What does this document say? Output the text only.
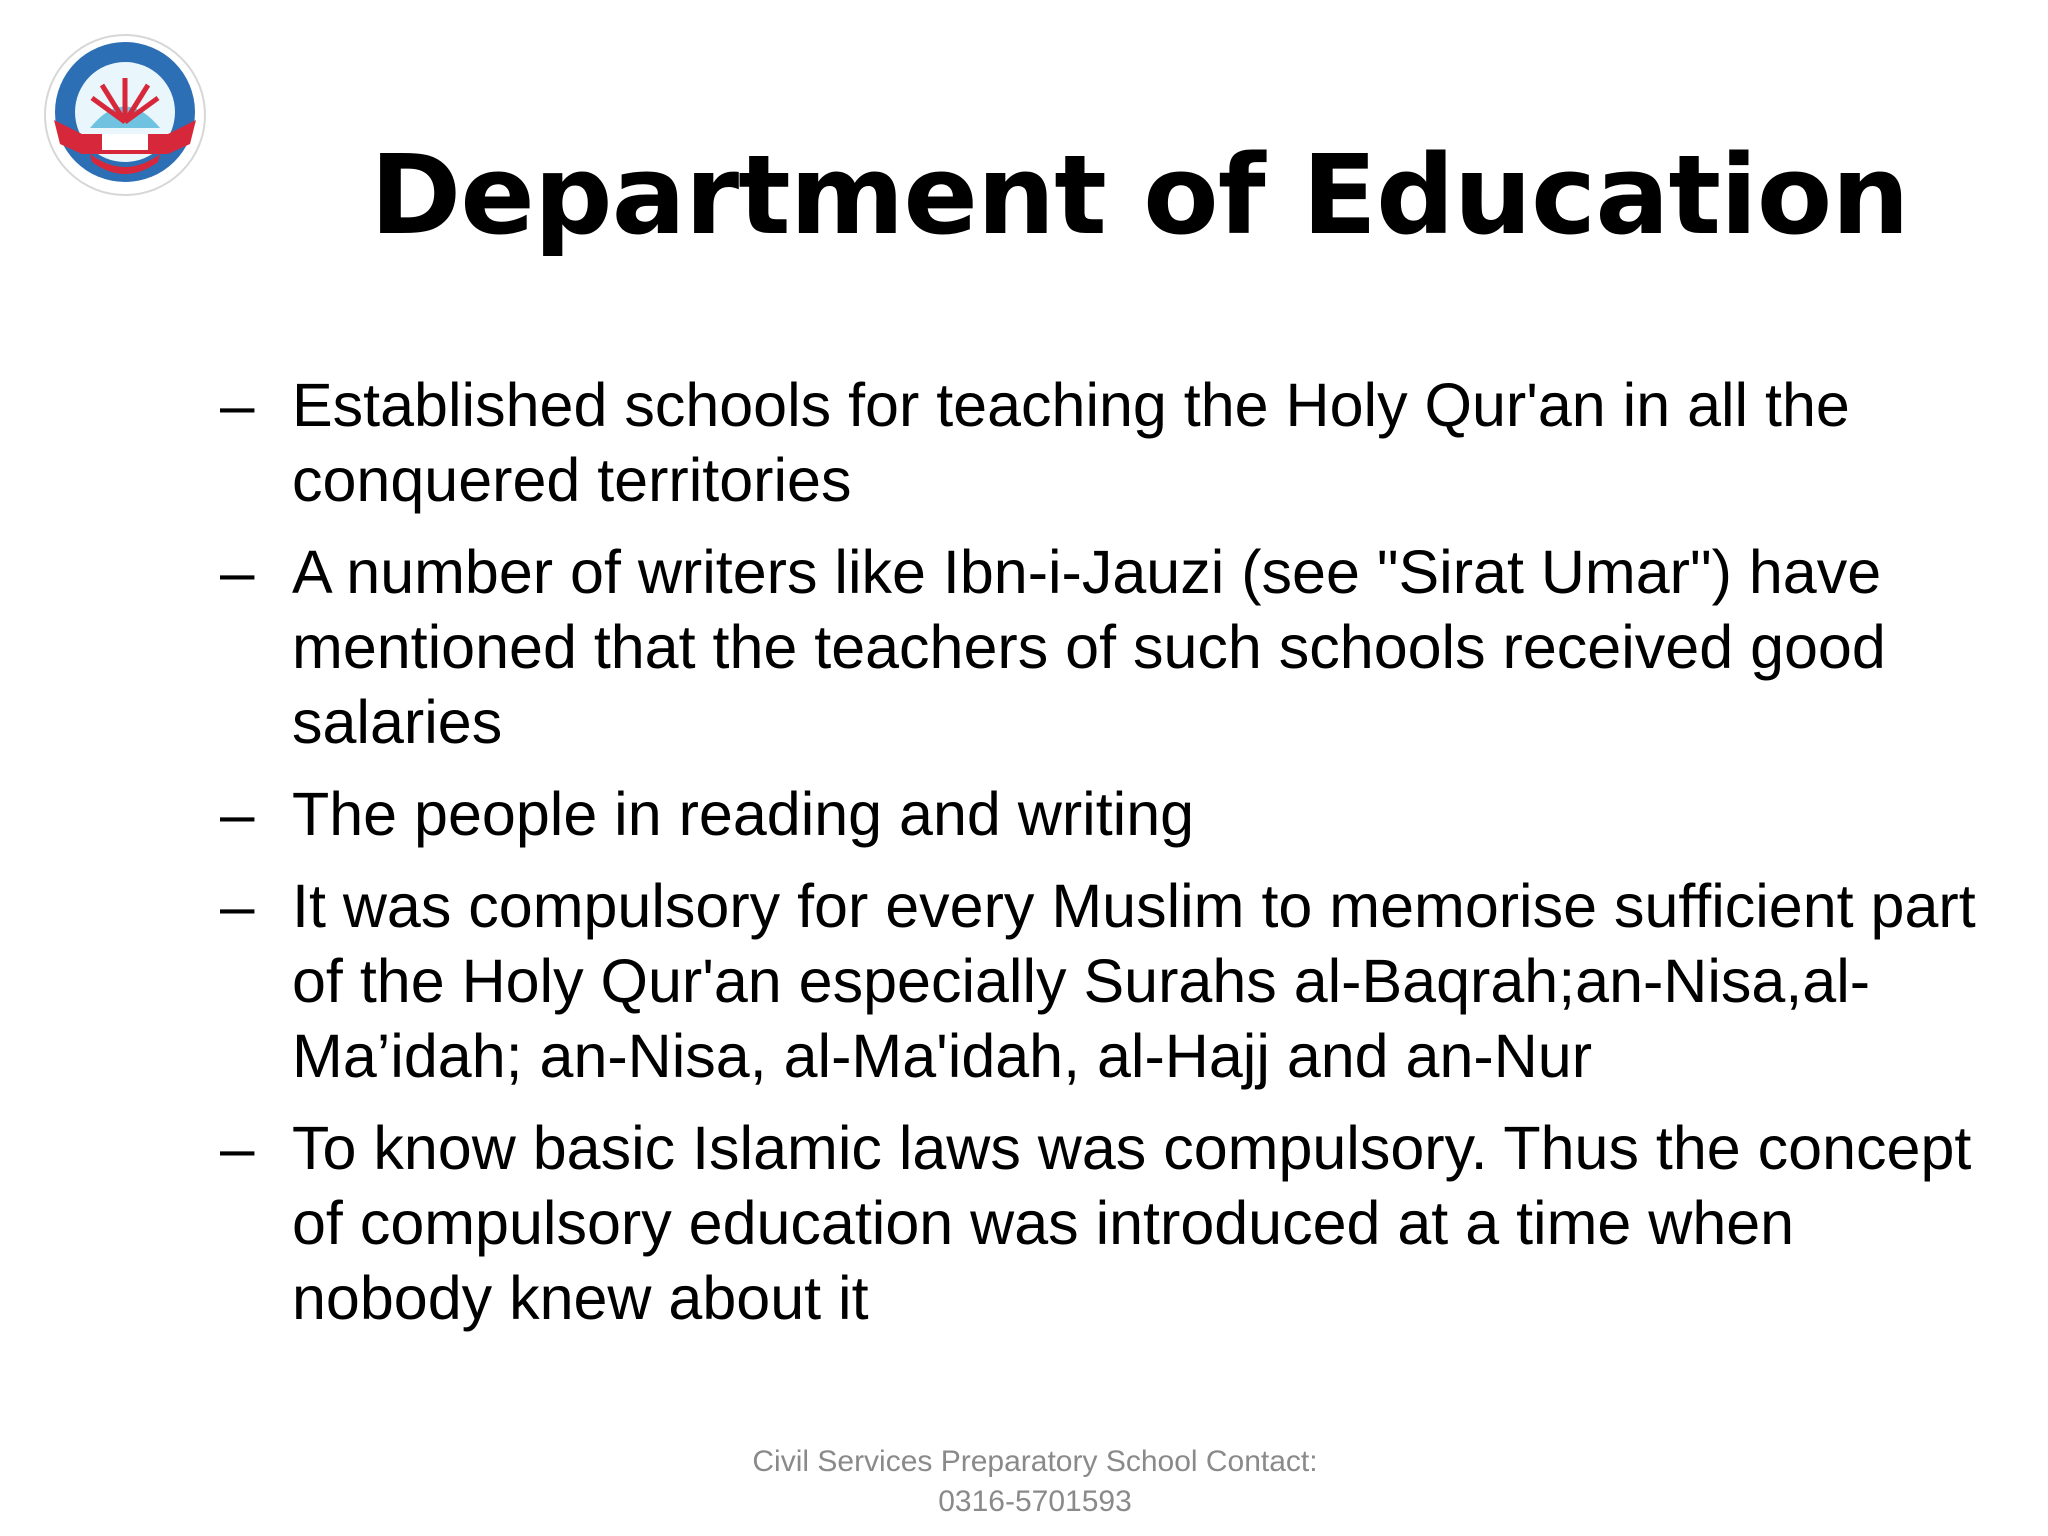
Department of Education
– Established schools for teaching the Holy Qur'an in all the conquered territories
– A number of writers like Ibn-i-Jauzi (see "Sirat Umar") have mentioned that the teachers of such schools received good salaries
– The people in reading and writing
– It was compulsory for every Muslim to memorise sufficient part of the Holy Qur'an especially Surahs al-Baqrah;an-Nisa,al-Ma’idah; an-Nisa, al-Ma'idah, al-Hajj and an-Nur
– To know basic Islamic laws was compulsory. Thus the concept of compulsory education was introduced at a time when nobody knew about it
Civil Services Preparatory School Contact:
0316-5701593
